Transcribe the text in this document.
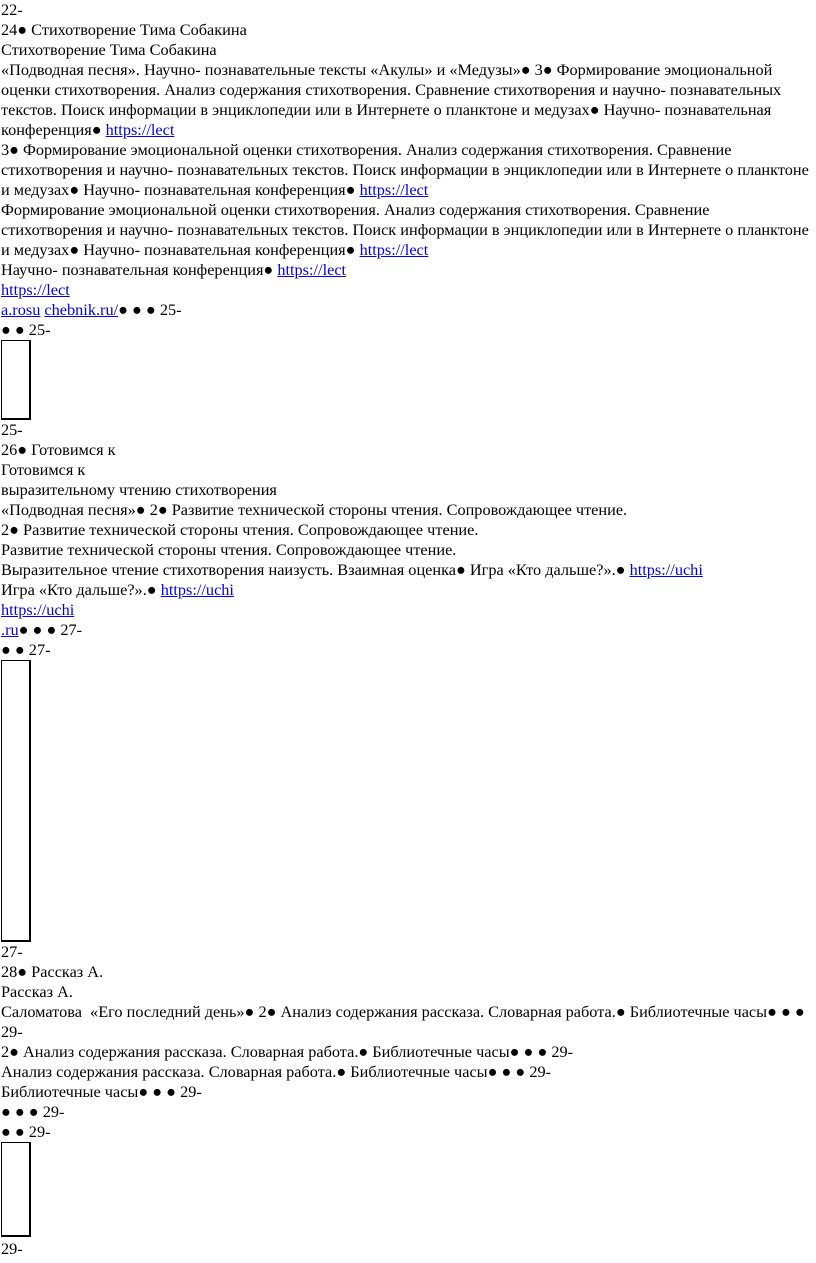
22-
24● Стихотворение Тима Собакина
Стихотворение Тима Собакина
«Подводная песня». Научно- познавательные тексты «Акулы» и «Медузы»● 3● Формирование эмоциональной оценки стихотворения. Анализ содержания стихотворения. Сравнение стихотворения и научно- познавательных текстов. Поиск информации в энциклопедии или в Интернете о планктоне и медузах● Научно- познавательная конференция● https://lect
3● Формирование эмоциональной оценки стихотворения. Анализ содержания стихотворения. Сравнение стихотворения и научно- познавательных текстов. Поиск информации в энциклопедии или в Интернете о планктоне и медузах● Научно- познавательная конференция● https://lect
Формирование эмоциональной оценки стихотворения. Анализ содержания стихотворения. Сравнение стихотворения и научно- познавательных текстов. Поиск информации в энциклопедии или в Интернете о планктоне и медузах● Научно- познавательная конференция● https://lect
Научно- познавательная конференция● https://lect
https://lect
a.rosu chebnik.ru/● ● ● 25-
● ● 25-
25-
26● Готовимся к
Готовимся к
выразительному чтению стихотворения
«Подводная песня»● 2● Развитие технической стороны чтения. Сопровождающее чтение.
2● Развитие технической стороны чтения. Сопровождающее чтение.
Развитие технической стороны чтения. Сопровождающее чтение.
Выразительное чтение стихотворения наизусть. Взаимная оценка● Игра «Кто дальше?».● https://uchi
Игра «Кто дальше?».● https://uchi
https://uchi
.ru● ● ● 27-
● ● 27-
27-
28● Рассказ А.
Рассказ А.
Саломатова  «Его последний день»● 2● Анализ содержания рассказа. Словарная работа.● Библиотечные часы● ● ● 29-
2● Анализ содержания рассказа. Словарная работа.● Библиотечные часы● ● ● 29-
Анализ содержания рассказа. Словарная работа.● Библиотечные часы● ● ● 29-
Библиотечные часы● ● ● 29-
● ● ● 29-
● ● 29-
29-
